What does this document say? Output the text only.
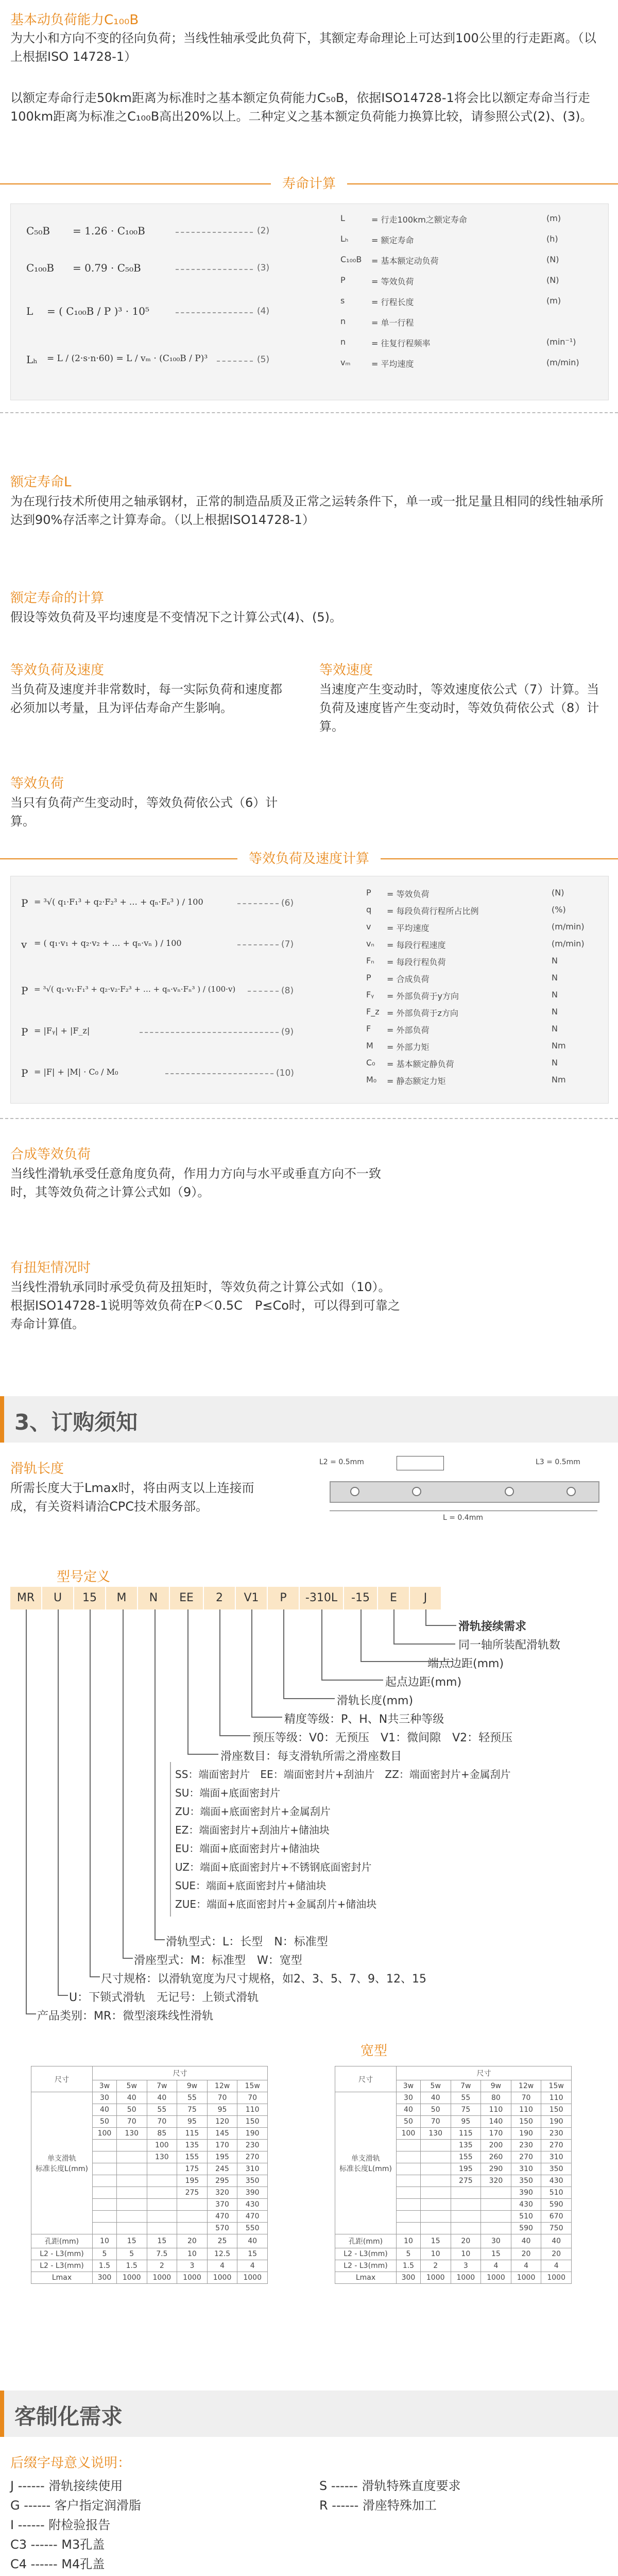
基本动负荷能力C₁₀₀B
为大小和方向不变的径向负荷；当线性轴承受此负荷下，其额定寿命理论上可达到100公里的行走距离。（以上根据ISO 14728-1）
以额定寿命行走50km距离为标准时之基本额定负荷能力C₅₀B，依据ISO14728-1将会比以额定寿命当行走100km距离为标准之C₁₀₀B高出20%以上。二种定义之基本额定负荷能力换算比较，请参照公式(2)、(3)。
寿命计算
C₅₀B = 1.26 · C₁₀₀B	(2)
C₁₀₀B = 0.79 · C₅₀B	(3)
L = ( C₁₀₀B / P )³ · 10⁵	(4)
Lₕ = L / (2·s·n·60) = L / vₘ · (C₁₀₀B / P)³	(5)
L	= 行走100km之额定寿命	(m)
Lₕ	= 额定寿命	(h)
C₁₀₀B = 基本额定动负荷	(N)
P	= 等效负荷	(N)
s	= 行程长度	(m)
n	= 单一行程
n	= 往复行程频率	(min⁻¹)
vₘ	= 平均速度	(m/min)
额定寿命L
为在现行技术所使用之轴承钢材，正常的制造品质及正常之运转条件下，单一或一批足量且相同的线性轴承所达到90%存活率之计算寿命。（以上根据ISO14728-1）
额定寿命的计算
假设等效负荷及平均速度是不变情况下之计算公式(4)、(5)。
等效负荷及速度
当负荷及速度并非常数时，每一实际负荷和速度都必须加以考量，且为评估寿命产生影响。
等效速度
当速度产生变动时，等效速度依公式（7）计算。当负荷及速度皆产生变动时，等效负荷依公式（8）计算。
等效负荷
当只有负荷产生变动时，等效负荷依公式（6）计算。
等效负荷及速度计算
P = ³√( q₁·F₁³ + q₂·F₂³ + … + qₙ·Fₙ³ ) / 100	(6)
v = ( q₁·v₁ + q₂·v₂ + … + qₙ·vₙ ) / 100	(7)
P = ³√( q₁·v₁·F₁³ + q₂·v₂·F₂³ + … + qₙ·vₙ·Fₙ³ ) / (100·v)	(8)
P = |Fᵧ| + |F_z|	(9)
P = |F| + |M| · C₀ / M₀	(10)
P = 等效负荷	(N)
q = 每段负荷行程所占比例	(%)
v = 平均速度	(m/min)
vₙ = 每段行程速度	(m/min)
Fₙ = 每段行程负荷	N
P = 合成负荷	N
Fᵧ = 外部负荷于y方向	N
F_z = 外部负荷于z方向	N
F = 外部负荷	N
M = 外部力矩	Nm
C₀ = 基本额定静负荷	N
M₀ = 静态额定力矩	Nm
合成等效负荷
当线性滑轨承受任意角度负荷，作用力方向与水平或垂直方向不一致时，其等效负荷之计算公式如（9）。
有扭矩情况时
当线性滑轨承同时承受负荷及扭矩时，等效负荷之计算公式如（10）。根据ISO14728-1说明等效负荷在P＜0.5C　P≤Co时，可以得到可靠之寿命计算值。
3、订购须知
滑轨长度
所需长度大于Lmax时，将由两支以上连接而成，有关资料请洽CPC技术服务部。
L2 = 0.5mm	L3 = 0.5mm
L = 0.4mm
型号定义
MR	U	15	M	N	EE	2	V1	P	-310L	-15	E	J
滑轨接续需求
同一轴所装配滑轨数
端点边距(mm)
起点边距(mm)
滑轨长度(mm)
精度等级：P、H、N共三种等级
预压等级：V0：无预压　V1：微间隙　V2：轻预压
滑座数目：每支滑轨所需之滑座数目
SS：端面密封片　EE：端面密封片+刮油片　ZZ：端面密封片+金属刮片
SU：端面+底面密封片
ZU：端面+底面密封片+金属刮片
EZ：端面密封片+刮油片+储油块
EU：端面+底面密封片+储油块
UZ：端面+底面密封片+不锈钢底面密封片
SUE：端面+底面密封片+储油块
ZUE：端面+底面密封片+金属刮片+储油块
滑轨型式：L：长型　N：标准型
滑座型式：M：标准型　W：宽型
尺寸规格：以滑轨宽度为尺寸规格，如2、3、5、7、9、12、15
U：下锁式滑轨　无记号：上锁式滑轨
产品类别：MR：微型滚珠线性滑轨
宽型
尺寸	尺寸					
	3w	5w	7w	9w	12w	15w
单支滑轨
标准长度L(mm)	30	40	40	55	70	70
	40	50	55	75	95	110
	50	70	70	95	120	150
	100	130	85	115	145	190
			100	135	170	230
			130	155	195	270
				175	245	310
				195	295	350
				275	320	390
					370	430
					470	470
					570	550
孔距(mm)	10	15	15	20	25	40
L2 - L3(mm)	5	5	7.5	10	12.5	15
L2 - L3(mm)	1.5	1.5	2	3	4	4
Lmax	300	1000	1000	1000	1000	1000
尺寸	尺寸					
	3w	5w	7w	9w	12w	15w
单支滑轨
标准长度L(mm)	30	40	55	80	70	110
	40	50	75	110	110	150
	50	70	95	140	150	190
	100	130	115	170	190	230
			135	200	230	270
			155	260	270	310
			195	290	310	350
			275	320	350	430
					390	510
					430	590
					510	670
					590	750
孔距(mm)	10	15	20	30	40	40
L2 - L3(mm)	5	10	10	15	20	20
L2 - L3(mm)	1.5	2	3	4	4	4
Lmax	300	1000	1000	1000	1000	1000
客制化需求
后缀字母意义说明：
J ------ 滑轨接续使用
G ------ 客户指定润滑脂
I ------ 附检验报告
C3 ------ M3孔盖
C4 ------ M4孔盖
S ------ 滑轨特殊直度要求
R ------ 滑座特殊加工
